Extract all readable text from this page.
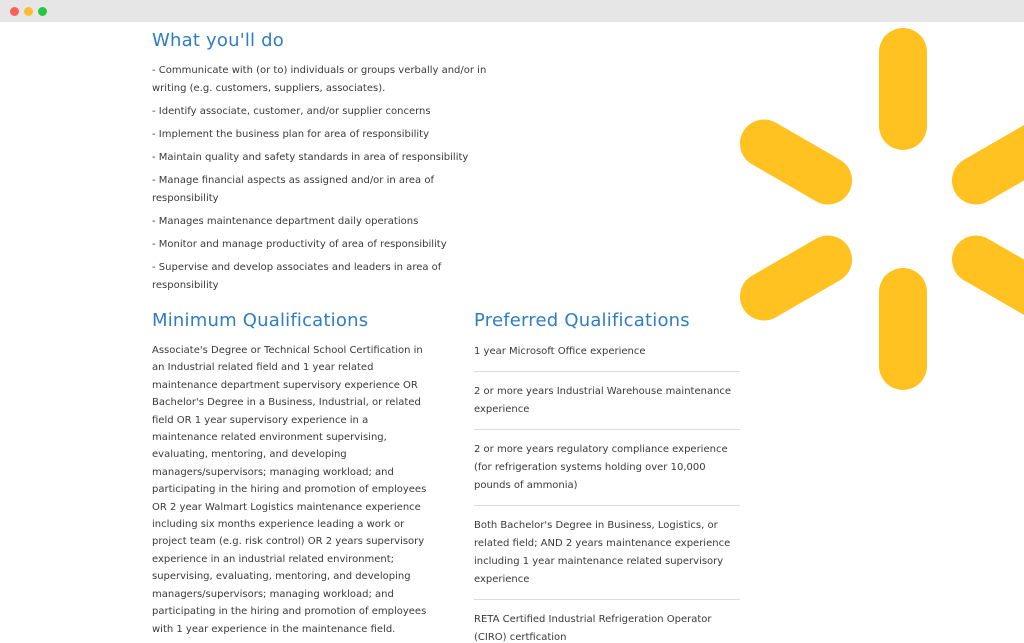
What you'll do
- Communicate with (or to) individuals or groups verbally and/or in writing (e.g. customers, suppliers, associates).
- Identify associate, customer, and/or supplier concerns
- Implement the business plan for area of responsibility
- Maintain quality and safety standards in area of responsibility
- Manage financial aspects as assigned and/or in area of responsibility
- Manages maintenance department daily operations
- Monitor and manage productivity of area of responsibility
- Supervise and develop associates and leaders in area of responsibility
Minimum Qualifications

Associate's Degree or Technical School Certification in an Industrial related field and 1 year related maintenance department supervisory experience OR Bachelor's Degree in a Business, Industrial, or related field OR 1 year supervisory experience in a maintenance related environment supervising, evaluating, mentoring, and developing managers/supervisors; managing workload; and participating in the hiring and promotion of employees OR 2 year Walmart Logistics maintenance experience including six months experience leading a work or project team (e.g. risk control) OR 2 years supervisory experience in an industrial related environment; supervising, evaluating, mentoring, and developing managers/supervisors; managing workload; and participating in the hiring and promotion of employees with 1 year experience in the maintenance field.

Preferred Qualifications
1 year Microsoft Office experience
2 or more years Industrial Warehouse maintenance experience
2 or more years regulatory compliance experience (for refrigeration systems holding over 10,000 pounds of ammonia)
Both Bachelor's Degree in Business, Logistics, or related field; AND 2 years maintenance experience including 1 year maintenance related supervisory experience
RETA Certified Industrial Refrigeration Operator (CIRO) certfication
